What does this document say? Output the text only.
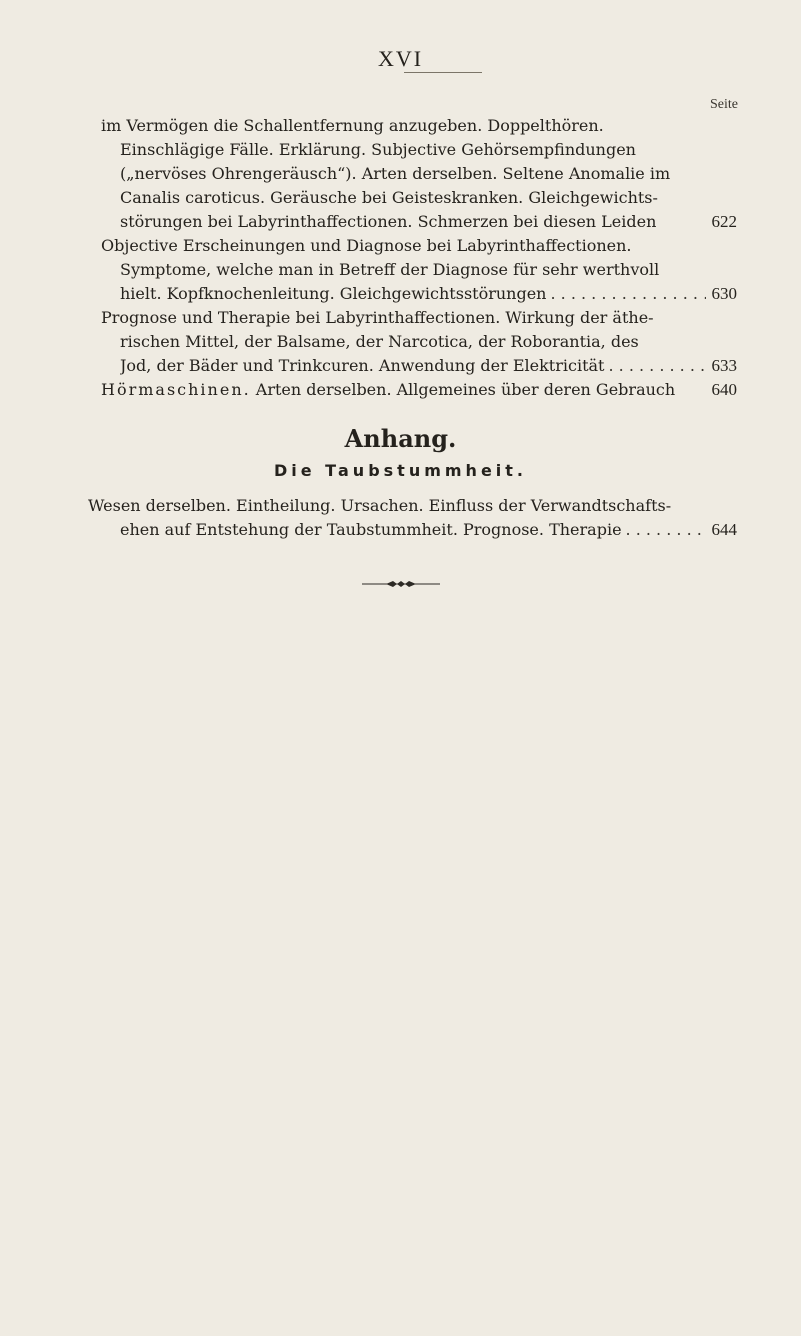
XVI
Seite
im Vermögen die Schallentfernung anzugeben. Doppelthören.
Einschlägige Fälle. Erklärung. Subjective Gehörsempfindungen
(„nervöses Ohrengeräusch“). Arten derselben. Seltene Anomalie im
Canalis caroticus. Geräusche bei Geisteskranken. Gleichgewichts-
störungen bei Labyrinthaffectionen. Schmerzen bei diesen Leiden	622
Objective Erscheinungen und Diagnose bei Labyrinthaffectionen.
Symptome, welche man in Betreff der Diagnose für sehr werthvoll
hielt. Kopfknochenleitung. Gleichgewichtsstörungen . . .	630
Prognose und Therapie bei Labyrinthaffectionen. Wirkung der äthe-
rischen Mittel, der Balsame, der Narcotica, der Roborantia, des
Jod, der Bäder und Trinkcuren. Anwendung der Elektricität . . .	633
Hörmaschinen. Arten derselben. Allgemeines über deren Gebrauch 640
Anhang.
Die Taubstummheit.
Wesen derselben. Eintheilung. Ursachen. Einfluss der Verwandtschafts-
ehen auf Entstehung der Taubstummheit. Prognose. Therapie . . .	644
